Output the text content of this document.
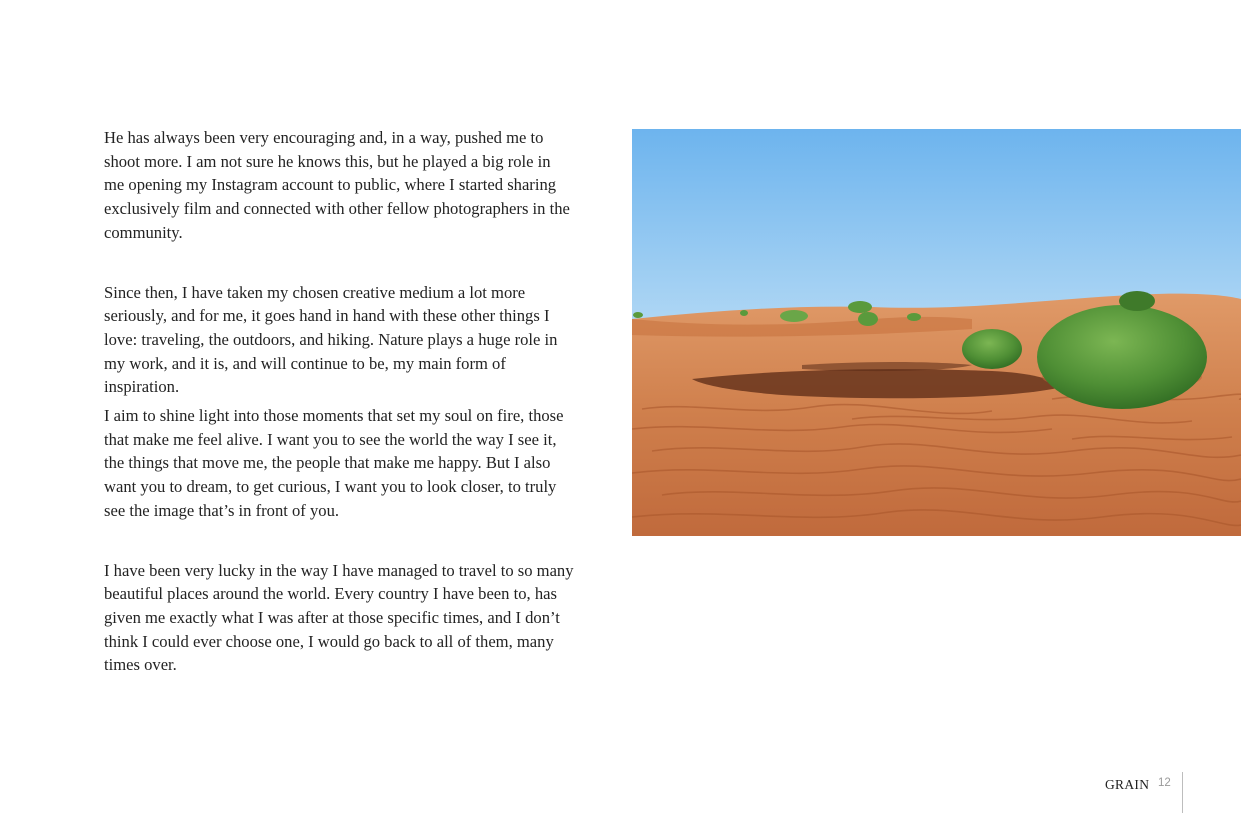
He has always been very encouraging and, in a way, pushed me to shoot more. I am not sure he knows this, but he played a big role in me opening my Instagram account to public, where I started sharing exclusively film and connected with other fellow photographers in the community.

Since then, I have taken my chosen creative medium a lot more seriously, and for me, it goes hand in hand with these other things I love: traveling, the outdoors, and hiking. Nature plays a huge role in my work, and it is, and will continue to be, my main form of inspiration.

I aim to shine light into those moments that set my soul on fire, those that make me feel alive. I want you to see the world the way I see it, the things that move me, the people that make me happy. But I also want you to dream, to get curious, I want you to look closer, to truly see the image that’s in front of you.

I have been very lucky in the way I have managed to travel to so many beautiful places around the world. Every country I have been to, has given me exactly what I was after at those specific times, and I don’t think I could ever choose one, I would go back to all of them, many times over.

GRAIN 12
